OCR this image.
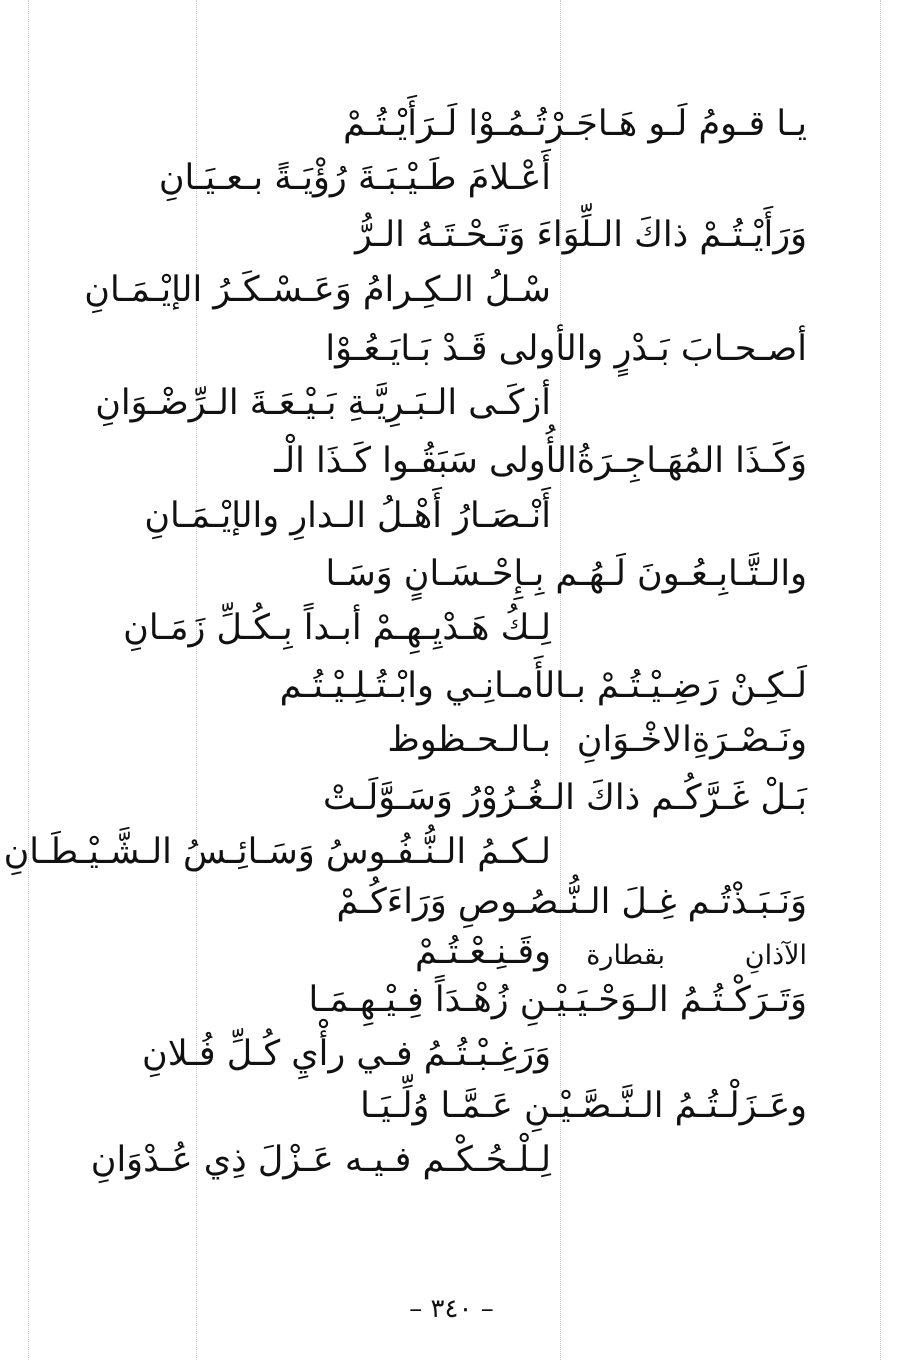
يـا قـومُ لَـو هَـاجَـرْتُـمُـوْا لَـرَأَيْـتُـمْ
أَعْـلامَ طَـيْـبَـةَ رُؤْيَـةً بـعـيَـانِ
وَرَأَيْـتُـمْ ذاكَ الـلِّوَاءَ وَتَـحْـتَـهُ الـرُّ
سْـلُ الـكِـرامُ وَعَـسْـكَـرُ الإيْـمَـانِ
أصـحـابَ بَـدْرٍ والأولى قَـدْ بَـايَـعُـوْا
أزكَـى الـبَـرِيَّـةِ بَـيْـعَـةَ الـرِّضْـوَانِ
وَكَـذَا المُهَـاجِـرَةُالأُولى سَبَقُـوا كَـذَا الْـ
أَنْـصَـارُ أَهْـلُ الـدارِ والإيْـمَـانِ
والـتَّـابِـعُـونَ لَـهُـم بِـإِحْـسَـانٍ وَسَـا
لِـكُ هَـدْيِـهِـمْ أبـداً بِـكُـلِّ زَمَـانِ
لَـكِـنْ رَضِـيْـتُـمْ بـالأَمـانِـي وابْـتُـلِـيْـتُـم
بـالـحـظوظ ونَـصْـرَةِالاخْـوَانِ
بَـلْ غَـرَّكُـم ذاكَ الـغُـرُوْرُ وَسَـوَّلَـتْ
لـكـمُ الـنُّـفُـوسُ وَسَـائِـسُ الـشَّـيْـطَـانِ
وَنَـبَـذْتُـم غِـلَ الـنُّـصُـوصِ وَرَاءَكُـمْ
وقَـنِـعْـتُـمْ بقطارة	الآذانِ
وَتَـرَكْـتُـمُ الـوَحْـيَـيْـنِ زُهْـدَاً فِـيْـهِـمَـا
وَرَغِـبْـتُـمُ فـي رأْيِ كُـلِّ فُـلانِ
وعَـزَلْـتُـمُ الـنَّـصَّـيْـنِ عَـمَّـا وُلِّـيَـا
لِـلْـحُـكْـم فـيـه عَـزْلَ ذِي عُـدْوَانِ
– ٣٤٠ –
